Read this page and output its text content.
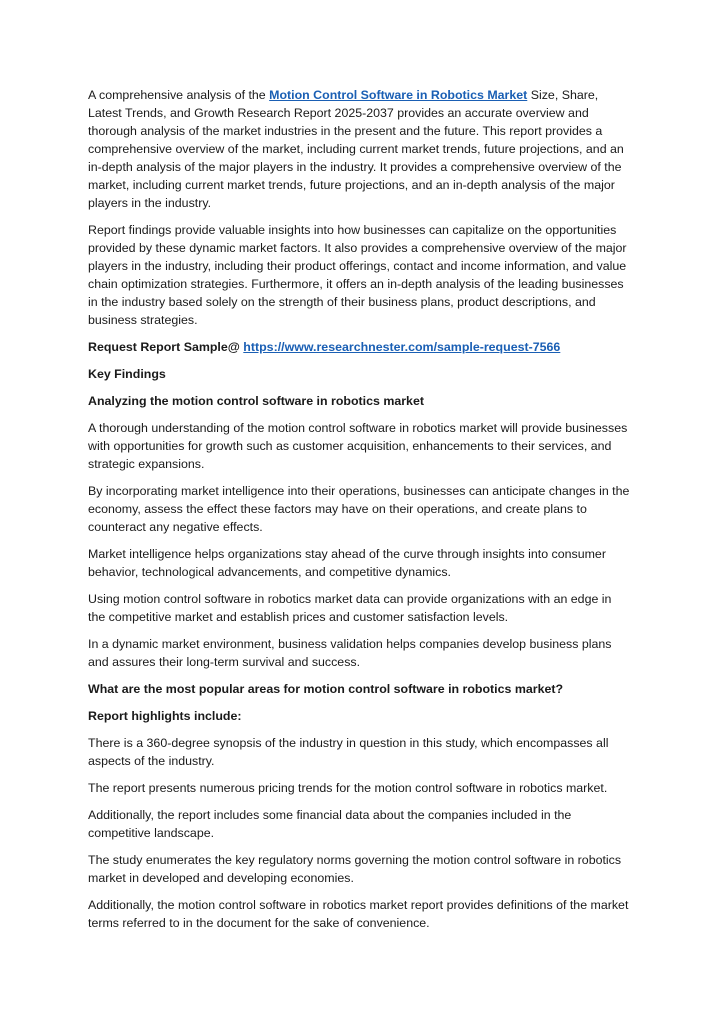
A comprehensive analysis of the Motion Control Software in Robotics Market Size, Share, Latest Trends, and Growth Research Report 2025-2037 provides an accurate overview and thorough analysis of the market industries in the present and the future. This report provides a comprehensive overview of the market, including current market trends, future projections, and an in-depth analysis of the major players in the industry. It provides a comprehensive overview of the market, including current market trends, future projections, and an in-depth analysis of the major players in the industry.

Report findings provide valuable insights into how businesses can capitalize on the opportunities provided by these dynamic market factors. It also provides a comprehensive overview of the major players in the industry, including their product offerings, contact and income information, and value chain optimization strategies. Furthermore, it offers an in-depth analysis of the leading businesses in the industry based solely on the strength of their business plans, product descriptions, and business strategies.

Request Report Sample@ https://www.researchnester.com/sample-request-7566

Key Findings

Analyzing the motion control software in robotics market

A thorough understanding of the motion control software in robotics market will provide businesses with opportunities for growth such as customer acquisition, enhancements to their services, and strategic expansions.

By incorporating market intelligence into their operations, businesses can anticipate changes in the economy, assess the effect these factors may have on their operations, and create plans to counteract any negative effects.

Market intelligence helps organizations stay ahead of the curve through insights into consumer behavior, technological advancements, and competitive dynamics.

Using motion control software in robotics market data can provide organizations with an edge in the competitive market and establish prices and customer satisfaction levels.

In a dynamic market environment, business validation helps companies develop business plans and assures their long-term survival and success.

What are the most popular areas for motion control software in robotics market?

Report highlights include:

There is a 360-degree synopsis of the industry in question in this study, which encompasses all aspects of the industry.

The report presents numerous pricing trends for the motion control software in robotics market.

Additionally, the report includes some financial data about the companies included in the competitive landscape.

The study enumerates the key regulatory norms governing the motion control software in robotics market in developed and developing economies.

Additionally, the motion control software in robotics market report provides definitions of the market terms referred to in the document for the sake of convenience.
